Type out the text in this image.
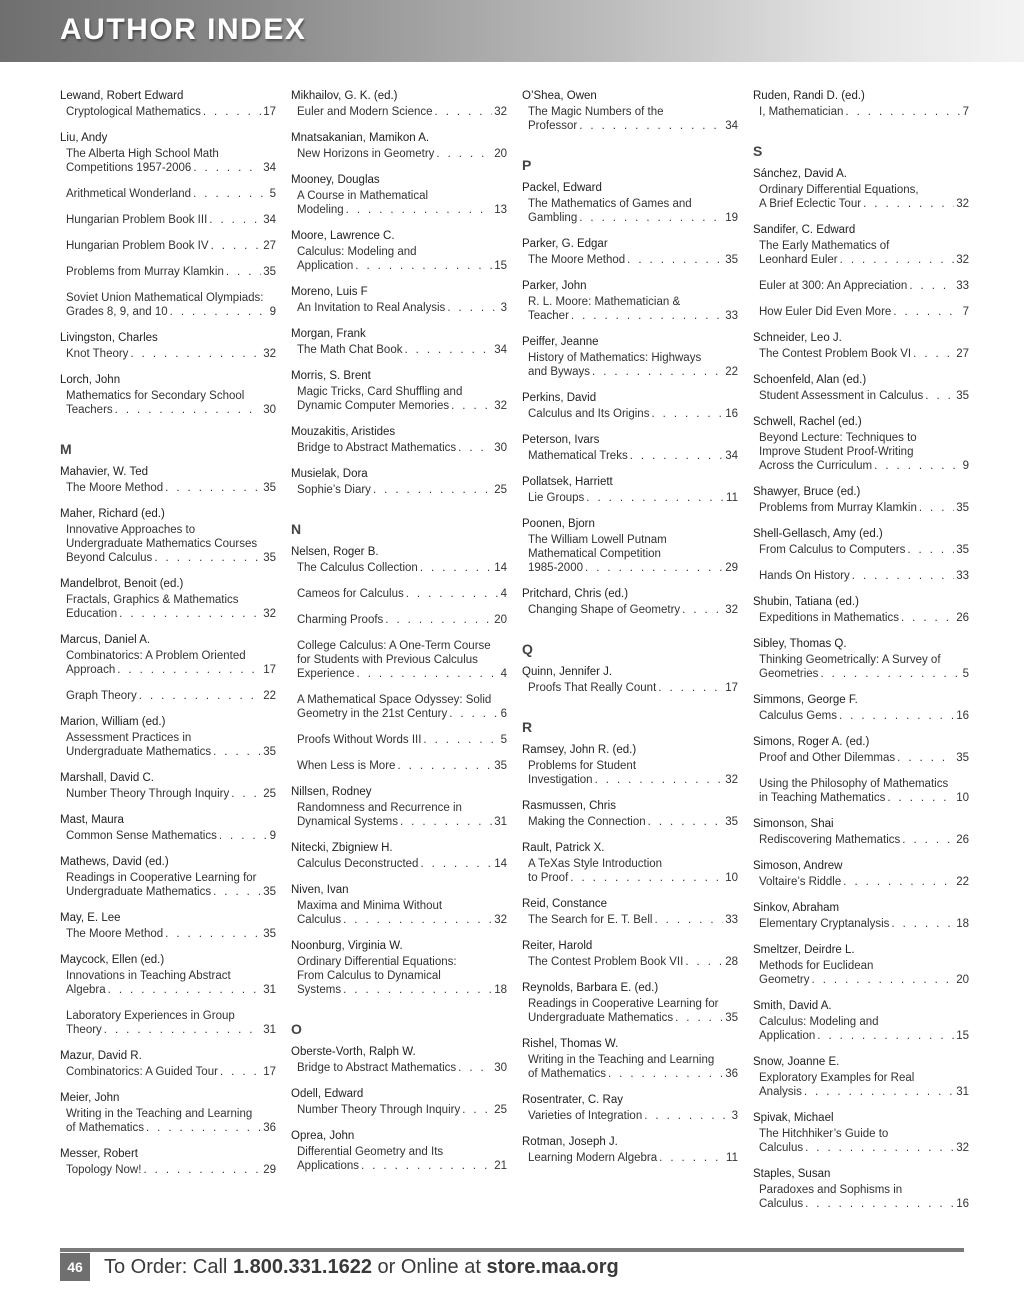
AUTHOR INDEX
Lewand, Robert Edward
Cryptological Mathematics . . .	17
Liu, Andy
The Alberta High School Math
Competitions 1957-2006 . . .	34
Arithmetical Wonderland . . .	5
Hungarian Problem Book III . . .	34
Hungarian Problem Book IV . . .	27
Problems from Murray Klamkin . . .	35
Soviet Union Mathematical Olympiads:
Grades 8, 9, and 10 . . .	9
Livingston, Charles
Knot Theory . . .	32
Lorch, John
Mathematics for Secondary School
Teachers . . .	30
M
Mahavier, W. Ted
The Moore Method . . .	35
Maher, Richard (ed.)
Innovative Approaches to
Undergraduate Mathematics Courses
Beyond Calculus . . .	35
Mandelbrot, Benoit (ed.)
Fractals, Graphics & Mathematics
Education . . .	32
Marcus, Daniel A.
Combinatorics: A Problem Oriented
Approach . . .	17
Graph Theory . . .	22
Marion, William (ed.)
Assessment Practices in
Undergraduate Mathematics . . .	35
Marshall, David C.
Number Theory Through Inquiry . . .	25
Mast, Maura
Common Sense Mathematics . . .	9
Mathews, David (ed.)
Readings in Cooperative Learning for
Undergraduate Mathematics . . .	35
May, E. Lee
The Moore Method . . .	35
Maycock, Ellen (ed.)
Innovations in Teaching Abstract
Algebra . . .	31
Laboratory Experiences in Group
Theory . . .	31
Mazur, David R.
Combinatorics: A Guided Tour . . .	17
Meier, John
Writing in the Teaching and Learning
of Mathematics . . .	36
Messer, Robert
Topology Now! . . .	29
Mikhailov, G. K. (ed.)
Euler and Modern Science . . .	32
Mnatsakanian, Mamikon A.
New Horizons in Geometry . . .	20
Mooney, Douglas
A Course in Mathematical
Modeling . . .	13
Moore, Lawrence C.
Calculus: Modeling and
Application . . .	15
Moreno, Luis F
An Invitation to Real Analysis . . .	3
Morgan, Frank
The Math Chat Book . . .	34
Morris, S. Brent
Magic Tricks, Card Shuffling and
Dynamic Computer Memories . . .	32
Mouzakitis, Aristides
Bridge to Abstract Mathematics . . .	30
Musielak, Dora
Sophie’s Diary . . .	25
N
Nelsen, Roger B.
The Calculus Collection . . .	14
Cameos for Calculus . . .	4
Charming Proofs . . .	20
College Calculus: A One-Term Course
for Students with Previous Calculus
Experience . . .	4
A Mathematical Space Odyssey: Solid
Geometry in the 21st Century . . .	6
Proofs Without Words III . . .	5
When Less is More . . .	35
Nillsen, Rodney
Randomness and Recurrence in
Dynamical Systems . . .	31
Nitecki, Zbigniew H.
Calculus Deconstructed . . .	14
Niven, Ivan
Maxima and Minima Without
Calculus . . .	32
Noonburg, Virginia W.
Ordinary Differential Equations:
From Calculus to Dynamical
Systems . . .	18
O
Oberste-Vorth, Ralph W.
Bridge to Abstract Mathematics . . .	30
Odell, Edward
Number Theory Through Inquiry . . .	25
Oprea, John
Differential Geometry and Its
Applications . . .	21
O’Shea, Owen
The Magic Numbers of the
Professor . . .	34
P
Packel, Edward
The Mathematics of Games and
Gambling . . .	19
Parker, G. Edgar
The Moore Method . . .	35
Parker, John
R. L. Moore: Mathematician &
Teacher . . .	33
Peiffer, Jeanne
History of Mathematics: Highways
and Byways . . .	22
Perkins, David
Calculus and Its Origins . . .	16
Peterson, Ivars
Mathematical Treks . . .	34
Pollatsek, Harriett
Lie Groups . . .	11
Poonen, Bjorn
The William Lowell Putnam
Mathematical Competition
1985-2000 . . .	29
Pritchard, Chris (ed.)
Changing Shape of Geometry . . .	32
Q
Quinn, Jennifer J.
Proofs That Really Count . . .	17
R
Ramsey, John R. (ed.)
Problems for Student
Investigation . . .	32
Rasmussen, Chris
Making the Connection . . .	35
Rault, Patrick X.
A TeXas Style Introduction
to Proof . . .	10
Reid, Constance
The Search for E. T. Bell . . .	33
Reiter, Harold
The Contest Problem Book VII . . .	28
Reynolds, Barbara E. (ed.)
Readings in Cooperative Learning for
Undergraduate Mathematics . . .	35
Rishel, Thomas W.
Writing in the Teaching and Learning
of Mathematics . . .	36
Rosentrater, C. Ray
Varieties of Integration . . .	3
Rotman, Joseph J.
Learning Modern Algebra . . .	11
Ruden, Randi D. (ed.)
I, Mathematician . . .	7
S
Sánchez, David A.
Ordinary Differential Equations,
A Brief Eclectic Tour . . .	32
Sandifer, C. Edward
The Early Mathematics of
Leonhard Euler . . .	32
Euler at 300: An Appreciation . . .	33
How Euler Did Even More . . .	7
Schneider, Leo J.
The Contest Problem Book VI . . .	27
Schoenfeld, Alan (ed.)
Student Assessment in Calculus . . .	35
Schwell, Rachel (ed.)
Beyond Lecture: Techniques to
Improve Student Proof-Writing
Across the Curriculum . . .	9
Shawyer, Bruce (ed.)
Problems from Murray Klamkin . . .	35
Shell-Gellasch, Amy (ed.)
From Calculus to Computers . . .	35
Hands On History . . .	33
Shubin, Tatiana (ed.)
Expeditions in Mathematics . . .	26
Sibley, Thomas Q.
Thinking Geometrically: A Survey of
Geometries . . .	5
Simmons, George F.
Calculus Gems . . .	16
Simons, Roger A. (ed.)
Proof and Other Dilemmas . . .	35
Using the Philosophy of Mathematics
in Teaching Mathematics . . .	10
Simonson, Shai
Rediscovering Mathematics . . .	26
Simoson, Andrew
Voltaire’s Riddle . . .	22
Sinkov, Abraham
Elementary Cryptanalysis . . .	18
Smeltzer, Deirdre L.
Methods for Euclidean
Geometry . . .	20
Smith, David A.
Calculus: Modeling and
Application . . .	15
Snow, Joanne E.
Exploratory Examples for Real
Analysis . . .	31
Spivak, Michael
The Hitchhiker’s Guide to
Calculus . . .	32
Staples, Susan
Paradoxes and Sophisms in
Calculus . . .	16
46	To Order: Call 1.800.331.1622 or Online at store.maa.org
